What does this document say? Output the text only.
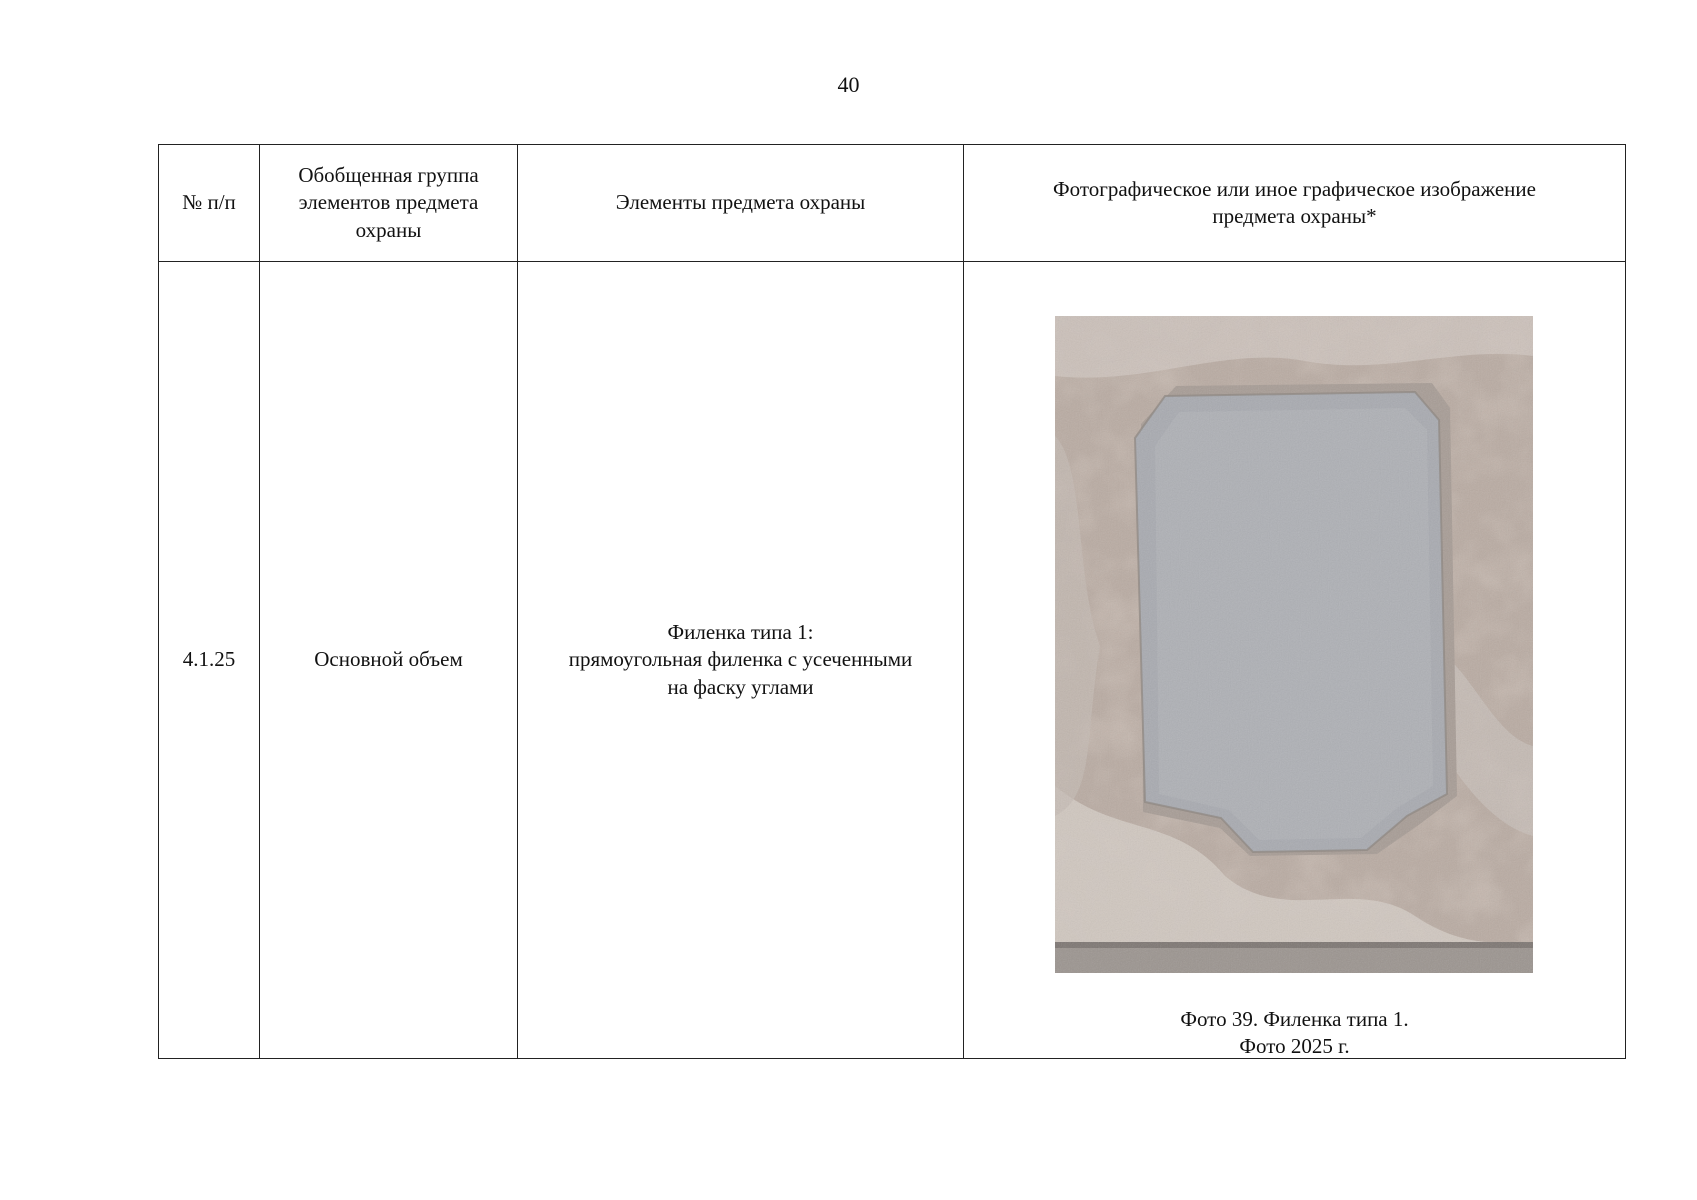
40
№ п/п	Обобщенная группа
элементов предмета
охраны	Элементы предмета охраны	Фотографическое или иное графическое изображение
предмета охраны*

4.1.25	Основной объем	Филенка типа 1:
прямоугольная филенка с усеченными
на фаску углами	Фото 39. Филенка типа 1.
Фото 2025 г.
